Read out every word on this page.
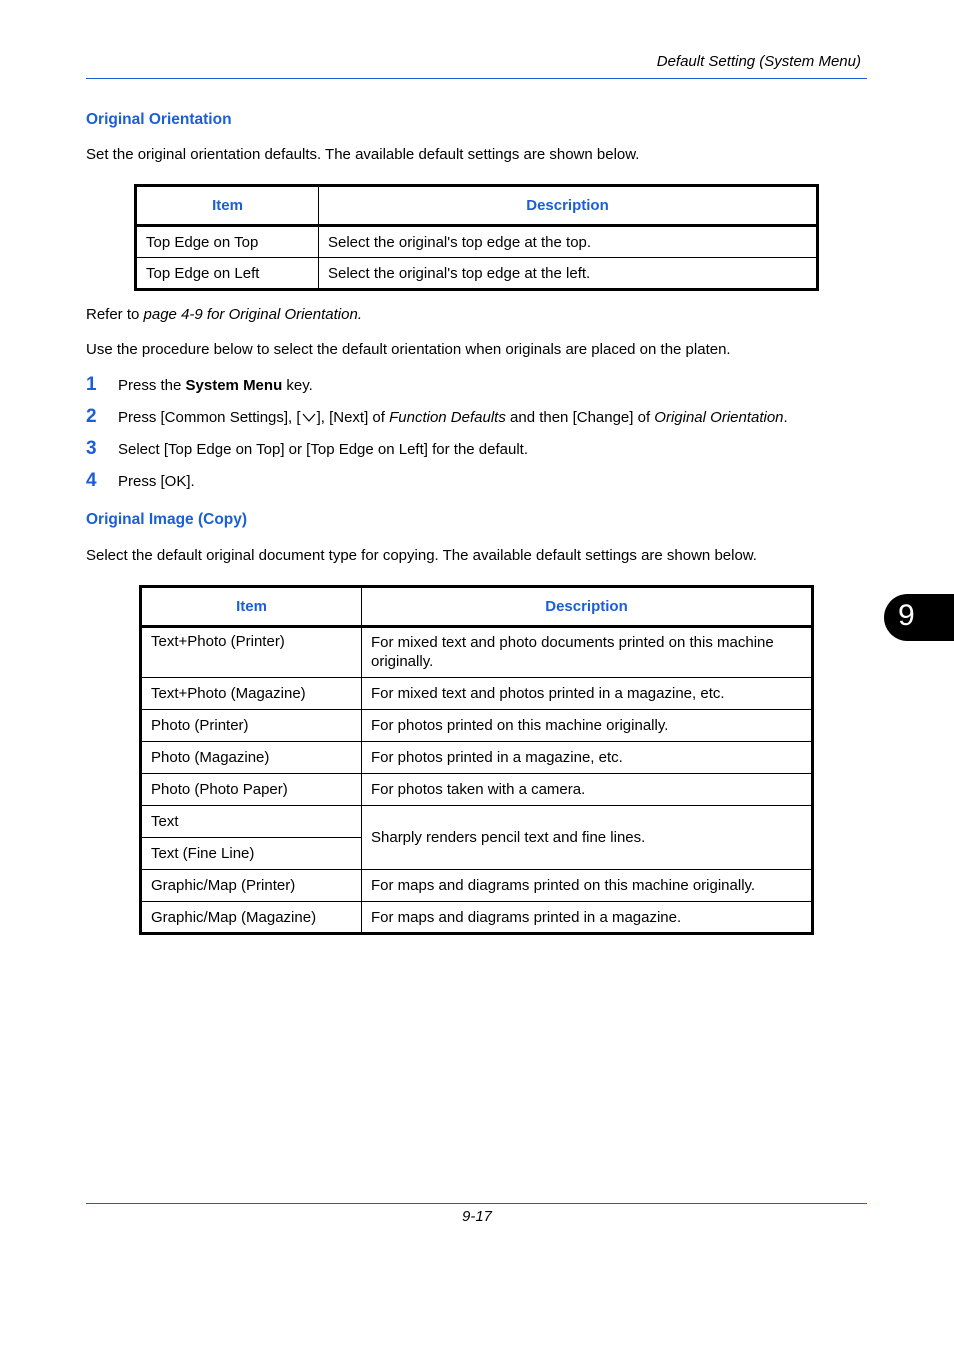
Default Setting (System Menu)
Original Orientation
Set the original orientation defaults. The available default settings are shown below.
Item	Description
Top Edge on Top	Select the original's top edge at the top.
Top Edge on Left	Select the original's top edge at the left.
Refer to page 4-9 for Original Orientation.
Use the procedure below to select the default orientation when originals are placed on the platen.
1 Press the System Menu key.
2 Press [Common Settings], [ ], [Next] of Function Defaults and then [Change] of Original Orientation.
3 Select [Top Edge on Top] or [Top Edge on Left] for the default.
4 Press [OK].
Original Image (Copy)
Select the default original document type for copying. The available default settings are shown below.
Item	Description
Text+Photo (Printer)	For mixed text and photo documents printed on this machine originally.
Text+Photo (Magazine)	For mixed text and photos printed in a magazine, etc.
Photo (Printer)	For photos printed on this machine originally.
Photo (Magazine)	For photos printed in a magazine, etc.
Photo (Photo Paper)	For photos taken with a camera.
Text	Sharply renders pencil text and fine lines.
Text (Fine Line)	
Graphic/Map (Printer)	For maps and diagrams printed on this machine originally.
Graphic/Map (Magazine)	For maps and diagrams printed in a magazine.
9
9-17
